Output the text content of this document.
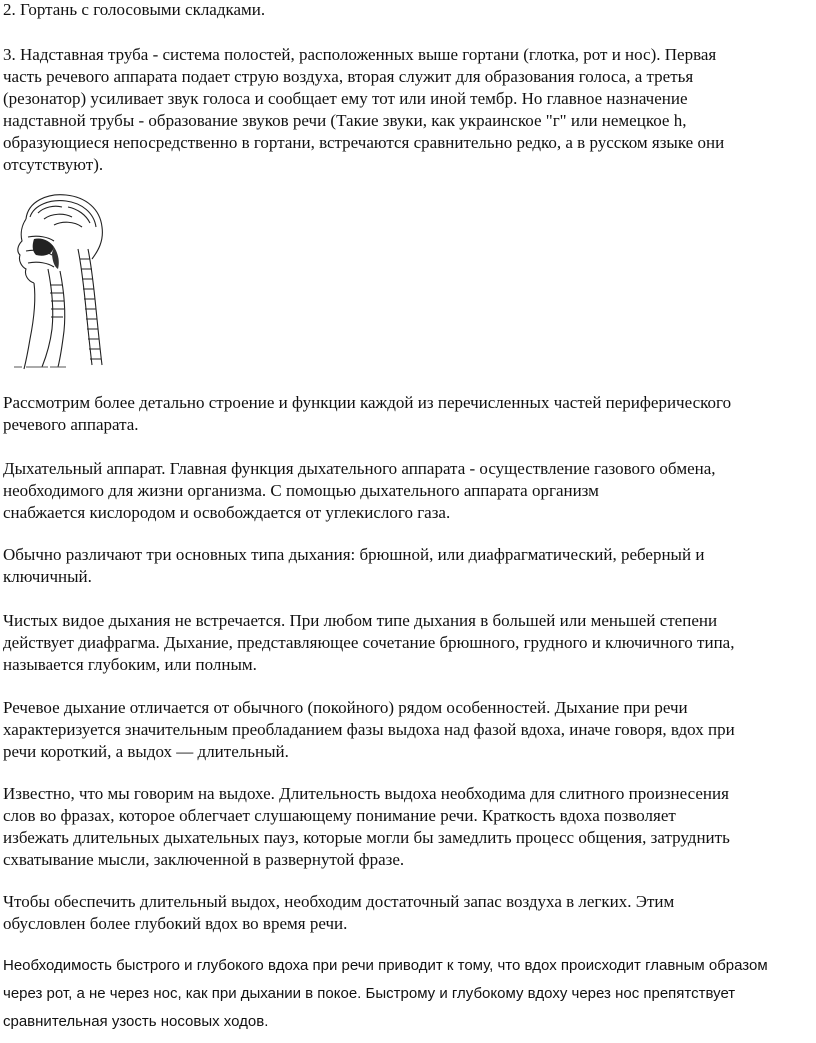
2. Гортань с голосовыми складками.

3. Надставная труба - система полостей, расположенных выше гортани (глотка, рот и нос). Первая
часть речевого аппарата подает струю воздуха, вторая служит для образования голоса, а третья
(резонатор) усиливает звук голоса и сообщает ему тот или иной тембр. Но главное назначение
надставной трубы - образование звуков речи (Такие звуки, как украинское "г" или немецкое h,
образующиеся непосредственно в гортани, встречаются сравнительно редко, а в русском языке они
отсутствуют).

Рассмотрим более детально строение и функции каждой из перечисленных частей периферического
речевого аппарата.

Дыхательный аппарат. Главная функция дыхательного аппарата - осуществление газового обмена,
необходимого для жизни организма. С помощью дыхательного аппарата организм
снабжается кислородом и освобождается от углекислого газа.

Обычно различают три основных типа дыхания: брюшной, или диафрагматический, реберный и
ключичный.

Чистых видое дыхания не встречается. При любом типе дыхания в большей или меньшей степени
действует диафрагма. Дыхание, представляющее сочетание брюшного, грудного и ключичного типа,
называется глубоким, или полным.

Речевое дыхание отличается от обычного (покойного) рядом особенностей. Дыхание при речи
характеризуется значительным преобладанием фазы выдоха над фазой вдоха, иначе говоря, вдох при
речи короткий, а выдох — длительный.

Известно, что мы говорим на выдохе. Длительность выдоха необходима для слитного произнесения
слов во фразах, которое облегчает слушающему понимание речи. Краткость вдоха позволяет
избежать длительных дыхательных пауз, которые могли бы замедлить процесс общения, затруднить
схватывание мысли, заключенной в развернутой фразе.

Чтобы обеспечить длительный выдох, необходим достаточный запас воздуха в легких. Этим
обусловлен более глубокий вдох во время речи.

Необходимость быстрого и глубокого вдоха при речи приводит к тому, что вдох происходит главным образом
через рот, а не через нос, как при дыхании в покое. Быстрому и глубокому вдоху через нос препятствует
сравнительная узость носовых ходов.
